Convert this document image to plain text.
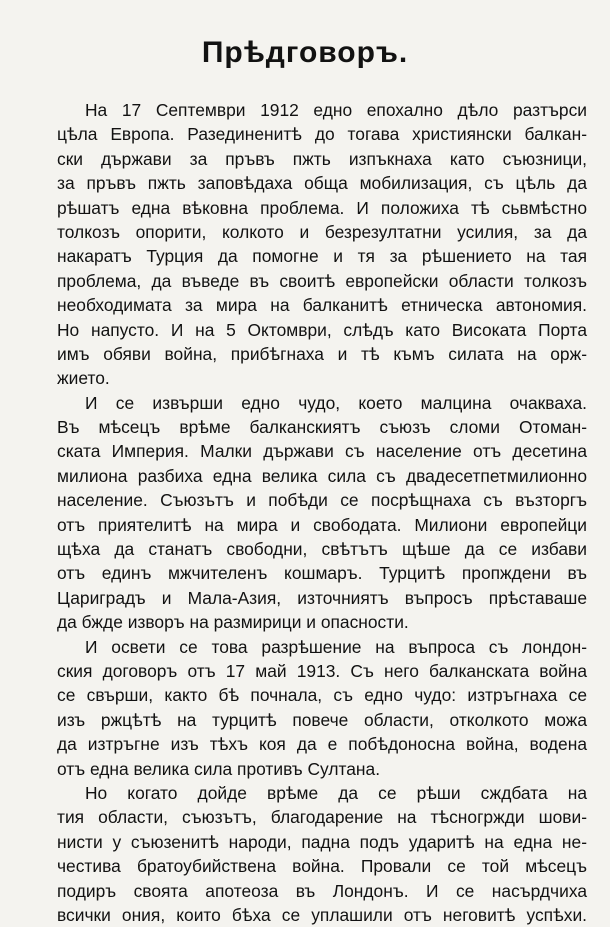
Прѣдговоръ.
На 17 Септември 1912 едно епохално дѣло разтърси
цѣла Европа. Разединенитѣ до тогава християнски балкан-
ски държави за пръвъ пжть изпъкнаха като съюзници,
за пръвъ пжть заповѣдаха обща мобилизация, съ цѣль да
рѣшатъ една вѣковна проблема. И положиха тѣ сьвмѣстно
толкозъ опорити, колкото и безрезултатни усилия, за да
накаратъ Турция да помогне и тя за рѣшението на тая
проблема, да въведе въ своитѣ европейски области толкозъ
необходимата за мира на балканитѣ етническа автономия.
Но напусто. И на 5 Октомври, слѣдъ като Високата Порта
имъ обяви война, прибѣгнаха и тѣ къмъ силата на орж-
жието.
И се извърши едно чудо, което малцина очакваха.
Въ мѣсецъ врѣме балканскиятъ съюзъ сломи Отоман-
ската Империя. Малки държави съ население отъ десетина
милиона разбиха една велика сила съ двадесетпетмилионно
население. Съюзътъ и побѣди се посрѣщнаха съ възторгъ
отъ приятелитѣ на мира и свободата. Милиони европейци
щѣха да станатъ свободни, свѣтътъ щѣше да се избави
отъ единъ мжчителенъ кошмаръ. Турцитѣ пропждени въ
Цариградъ и Мала-Азия, източниятъ въпросъ прѣставаше
да бжде изворъ на размирици и опасности.
И освети се това разрѣшение на въпроса съ лондон-
ския договоръ отъ 17 май 1913. Съ него балканската война
се свърши, както бѣ почнала, съ едно чудо: изтръгнаха се
изъ ржцѣтѣ на турцитѣ повече области, отколкото можа
да изтръгне изъ тѣхъ коя да е побѣдоносна война, водена
отъ една велика сила противъ Султана.
Но когато дойде врѣме да се рѣши сждбата на
тия области, съюзътъ, благодарение на тѣсногржди шови-
нисти у съюзенитѣ народи, падна подъ ударитѣ на една не-
честива братоубийствена война. Провали се той мѣсецъ
подиръ своята апотеоза въ Лондонъ. И се насърдчиха
всички ония, които бѣха се уплашили отъ неговитѣ успѣхи.
